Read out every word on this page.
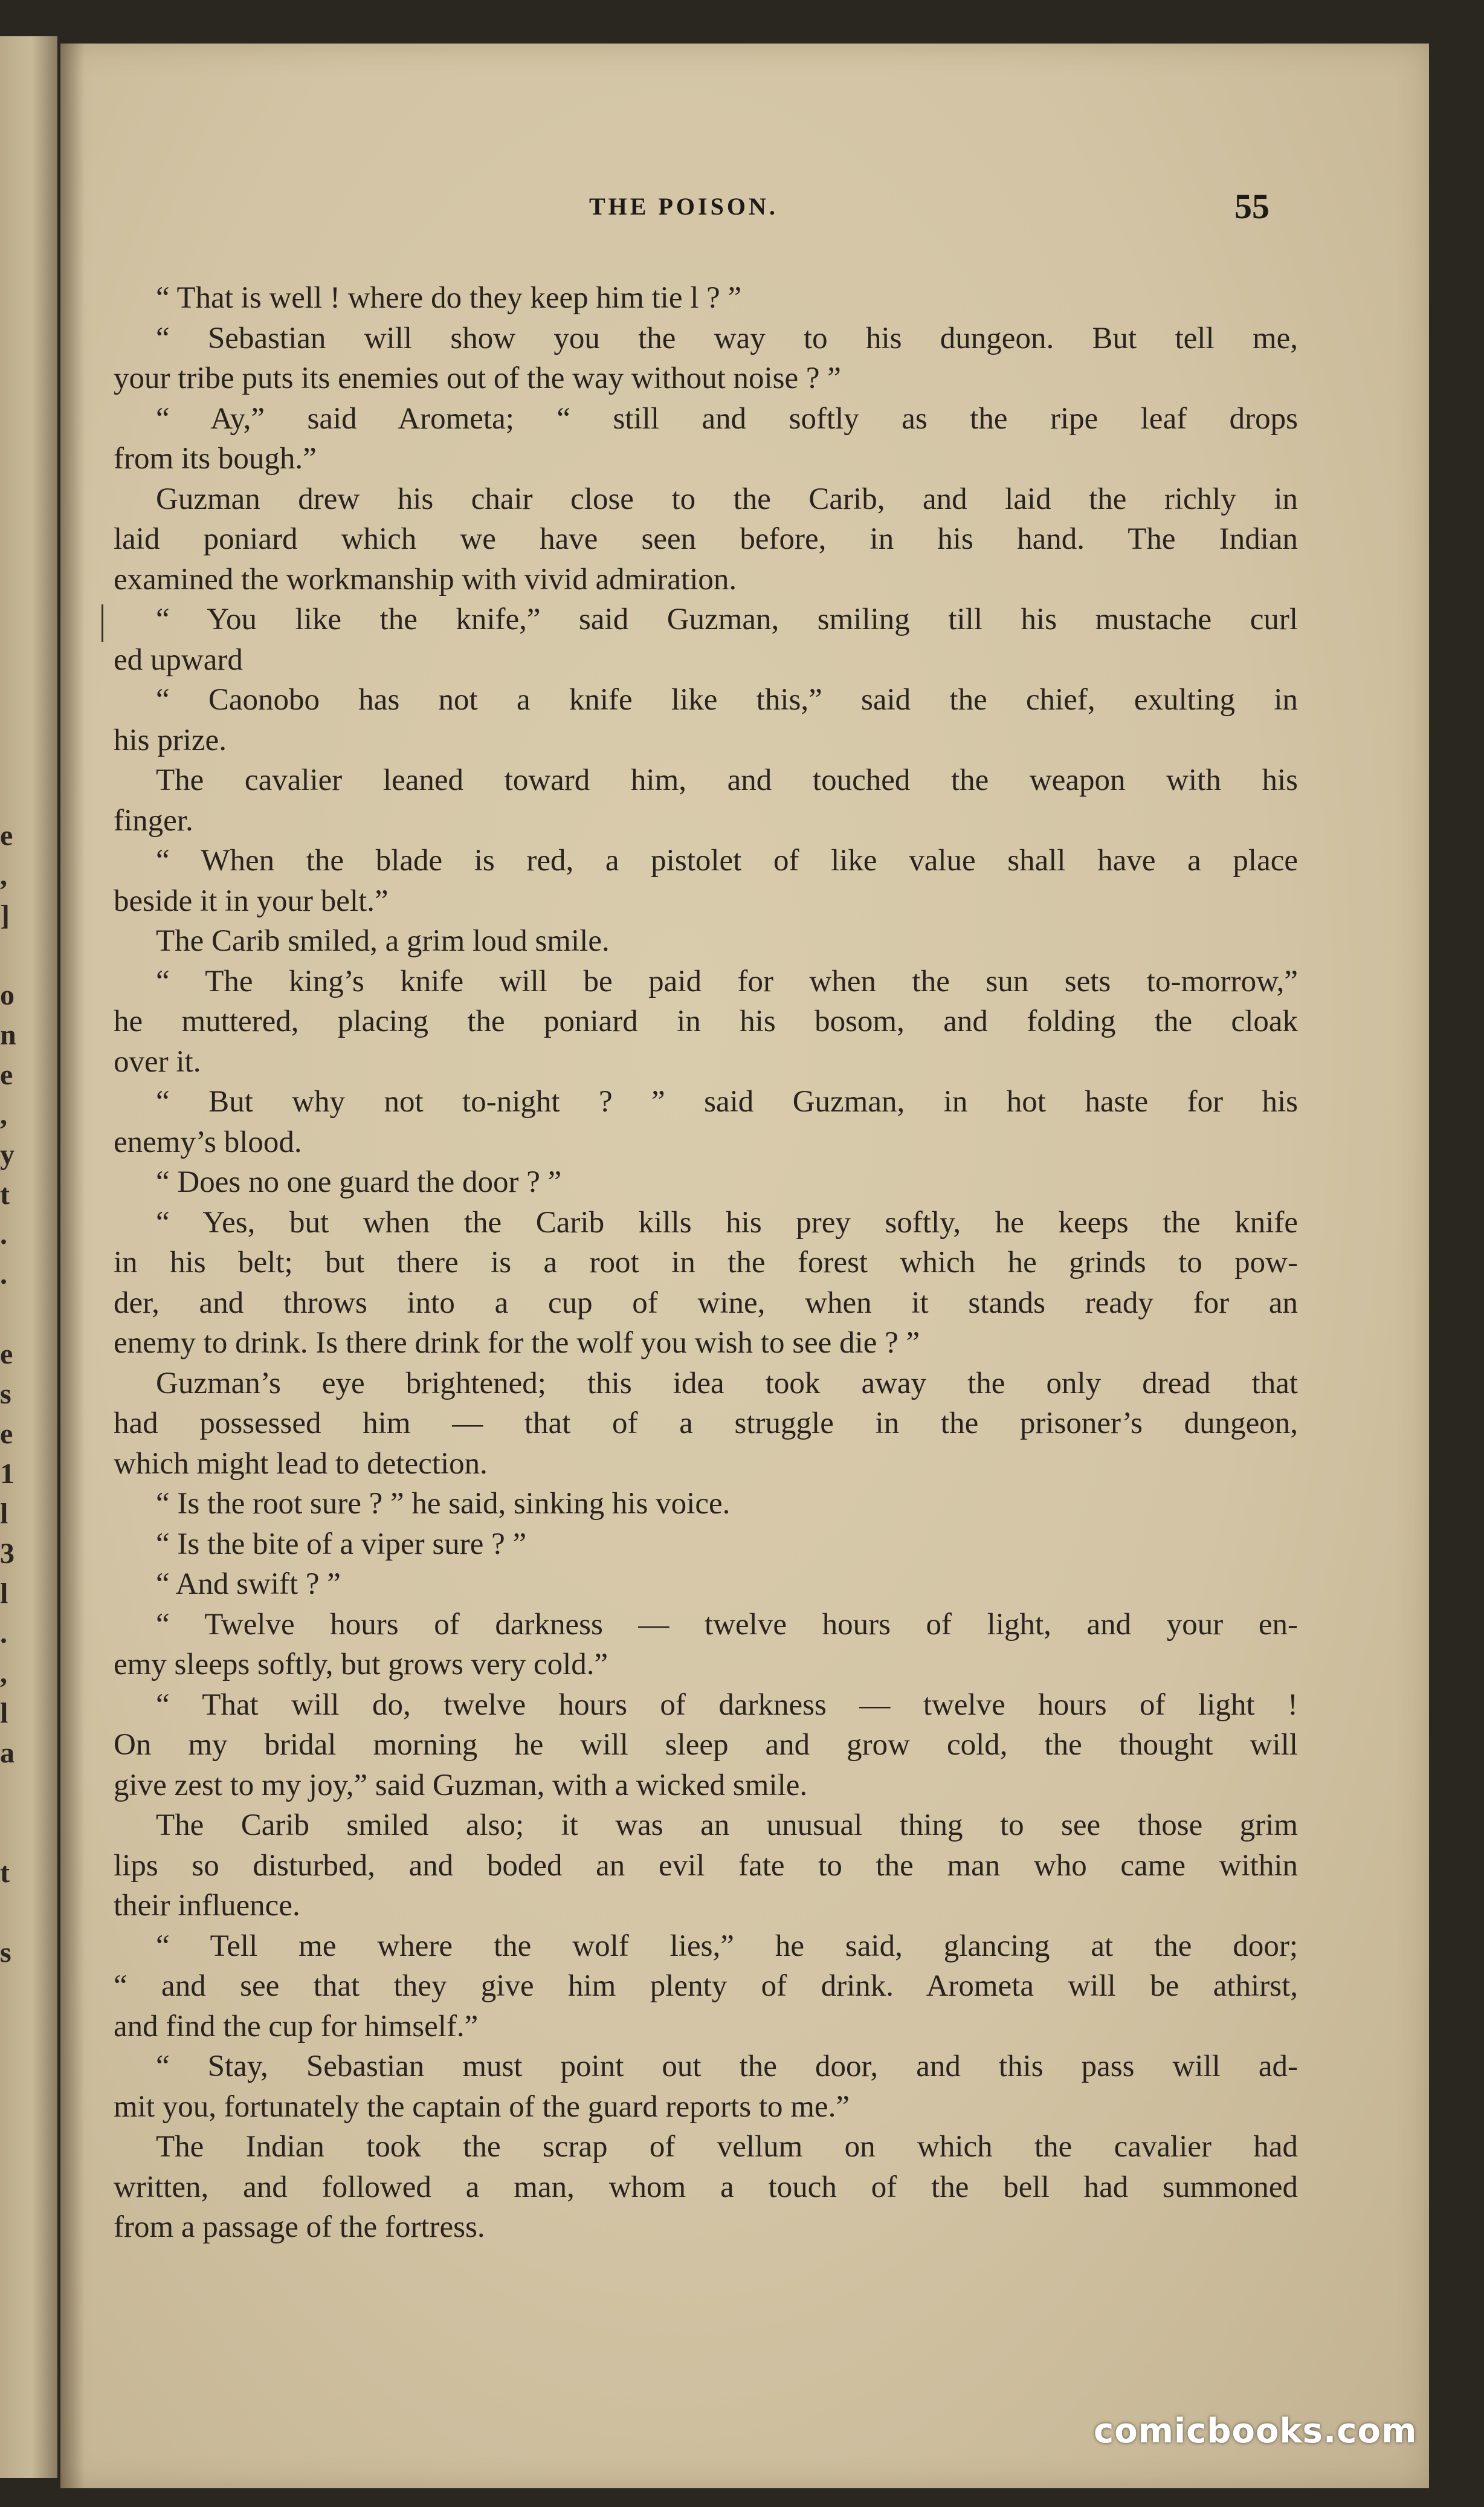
e
,
]

o
n
e
,
y
t
.
.

e
s
e
1
l
3
l
.
,
l
a

t

s
THE POISON.	55
“ That is well ! where do they keep him tie l ? ”
“ Sebastian will show you the way to his dungeon. But tell me,
your tribe puts its enemies out of the way without noise ? ”
“ Ay,” said Arometa; “ still and softly as the ripe leaf drops
from its bough.”
Guzman drew his chair close to the Carib, and laid the richly in
laid poniard which we have seen before, in his hand. The Indian
examined the workmanship with vivid admiration.
“ You like the knife,” said Guzman, smiling till his mustache curl
ed upward
“ Caonobo has not a knife like this,” said the chief, exulting in
his prize.
The cavalier leaned toward him, and touched the weapon with his
finger.
“ When the blade is red, a pistolet of like value shall have a place
beside it in your belt.”
The Carib smiled, a grim loud smile.
“ The king’s knife will be paid for when the sun sets to-morrow,”
he muttered, placing the poniard in his bosom, and folding the cloak
over it.
“ But why not to-night ? ” said Guzman, in hot haste for his
enemy’s blood.
“ Does no one guard the door ? ”
“ Yes, but when the Carib kills his prey softly, he keeps the knife
in his belt; but there is a root in the forest which he grinds to pow-
der, and throws into a cup of wine, when it stands ready for an
enemy to drink. Is there drink for the wolf you wish to see die ? ”
Guzman’s eye brightened; this idea took away the only dread that
had possessed him — that of a struggle in the prisoner’s dungeon,
which might lead to detection.
“ Is the root sure ? ” he said, sinking his voice.
“ Is the bite of a viper sure ? ”
“ And swift ? ”
“ Twelve hours of darkness — twelve hours of light, and your en-
emy sleeps softly, but grows very cold.”
“ That will do, twelve hours of darkness — twelve hours of light !
On my bridal morning he will sleep and grow cold, the thought will
give zest to my joy,” said Guzman, with a wicked smile.
The Carib smiled also; it was an unusual thing to see those grim
lips so disturbed, and boded an evil fate to the man who came within
their influence.
“ Tell me where the wolf lies,” he said, glancing at the door;
“ and see that they give him plenty of drink. Arometa will be athirst,
and find the cup for himself.”
“ Stay, Sebastian must point out the door, and this pass will ad-
mit you, fortunately the captain of the guard reports to me.”
The Indian took the scrap of vellum on which the cavalier had
written, and followed a man, whom a touch of the bell had summoned
from a passage of the fortress.
comicbooks.com
